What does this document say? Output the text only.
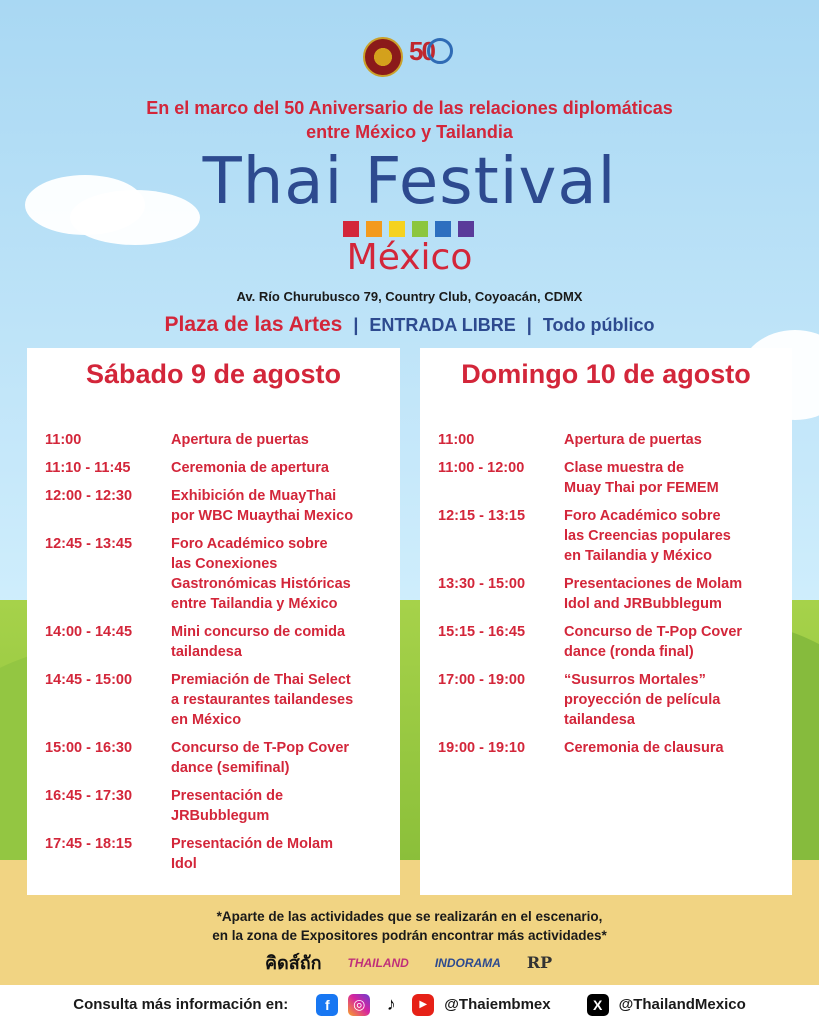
50
En el marco del 50 Aniversario de las relaciones diplomáticas
entre México y Tailandia
Thai Festival
México
Av. Río Churubusco 79, Country Club, Coyoacán, CDMX
Plaza de las Artes | ENTRADA LIBRE | Todo público
Sábado 9 de agosto
11:00	Apertura de puertas
11:10 - 11:45	Ceremonia de apertura
12:00 - 12:30	Exhibición de MuayThai
por WBC Muaythai Mexico
12:45 - 13:45	Foro Académico sobre
las Conexiones
Gastronómicas Históricas
entre Tailandia y México
14:00 - 14:45	Mini concurso de comida
tailandesa
14:45 - 15:00	Premiación de Thai Select
a restaurantes tailandeses
en México
15:00 - 16:30	Concurso de T-Pop Cover
dance (semifinal)
16:45 - 17:30	Presentación de
JRBubblegum
17:45 - 18:15	Presentación de Molam
Idol
Domingo 10 de agosto
11:00	Apertura de puertas
11:00 - 12:00	Clase muestra de
Muay Thai por FEMEM
12:15 - 13:15	Foro Académico sobre
las Creencias populares
en Tailandia y México
13:30 - 15:00	Presentaciones de Molam
Idol and JRBubblegum
15:15 - 16:45	Concurso de T-Pop Cover
dance (ronda final)
17:00 - 19:00	“Susurros Mortales”
proyección de película
tailandesa
19:00 - 19:10	Ceremonia de clausura
*Aparte de las actividades que se realizarán en el escenario,
en la zona de Expositores podrán encontrar más actividades*
คิดส์ถัก THAILAND INDORAMA RP
Consulta más información en:	f	◎	♪	▶	@Thaiembmex	X	@ThailandMexico
